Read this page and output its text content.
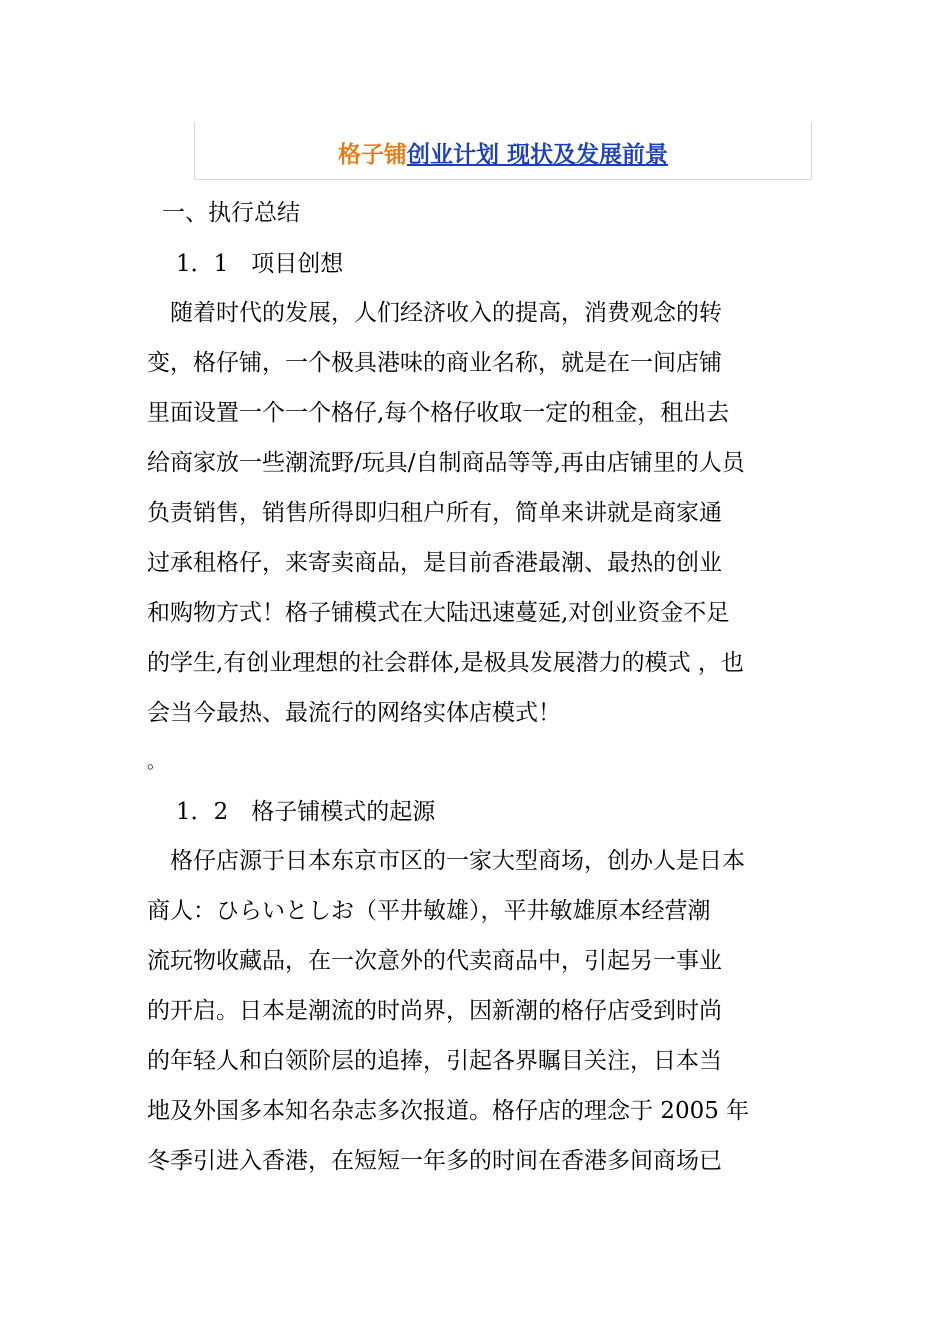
格子铺创业计划 现状及发展前景
一、执行总结
1．1　项目创想
　随着时代的发展，人们经济收入的提高，消费观念的转
变，格仔铺，一个极具港味的商业名称，就是在一间店铺
里面设置一个一个格仔,每个格仔收取一定的租金，租出去
给商家放一些潮流野/玩具/自制商品等等,再由店铺里的人员
负责销售，销售所得即归租户所有，简单来讲就是商家通
过承租格仔，来寄卖商品，是目前香港最潮、最热的创业
和购物方式！格子铺模式在大陆迅速蔓延,对创业资金不足
的学生,有创业理想的社会群体,是极具发展潜力的模式 ，也
会当今最热、最流行的网络实体店模式！
。
1．2　格子铺模式的起源
　格仔店源于日本东京市区的一家大型商场，创办人是日本
商人：ひらいとしお（平井敏雄），平井敏雄原本经营潮
流玩物收藏品，在一次意外的代卖商品中，引起另一事业
的开启。日本是潮流的时尚界，因新潮的格仔店受到时尚
的年轻人和白领阶层的追捧，引起各界瞩目关注，日本当
地及外国多本知名杂志多次报道。格仔店的理念于 2005 年
冬季引进入香港，在短短一年多的时间在香港多间商场已
